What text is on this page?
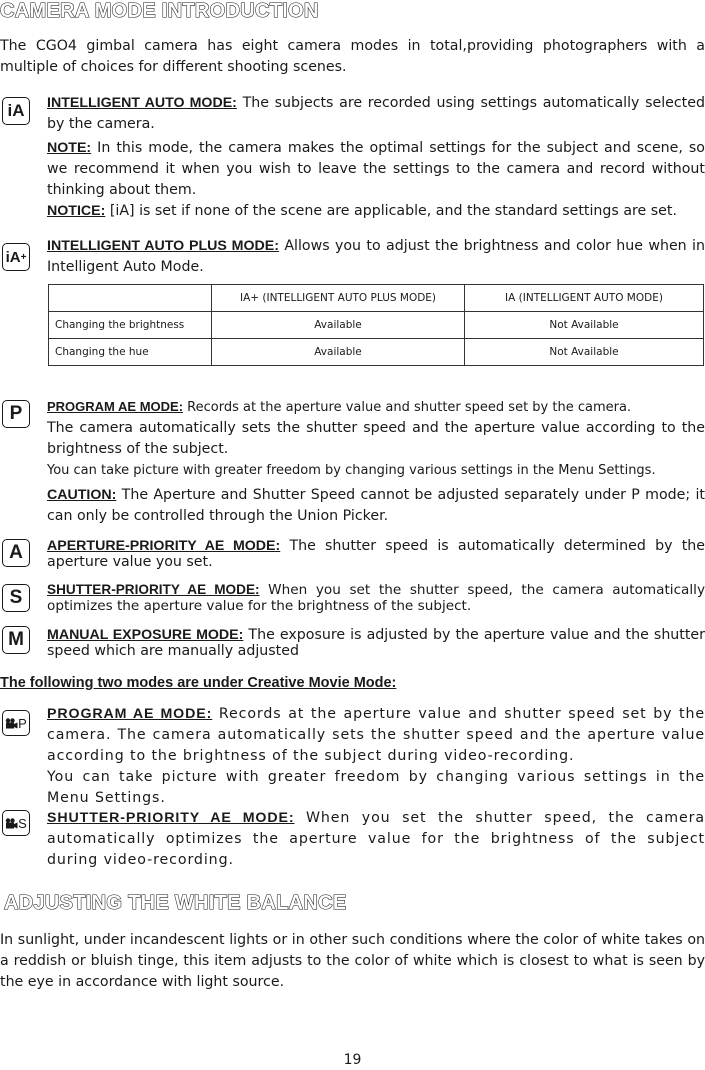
CAMERA MODE INTRODUCTION
The CGO4 gimbal camera has eight camera modes in total,providing photographers with a multiple of choices for different shooting scenes.
iA INTELLIGENT AUTO MODE: The subjects are recorded using settings automatically selected by the camera.
NOTE: In this mode, the camera makes the optimal settings for the subject and scene, so we recommend it when you wish to leave the settings to the camera and record without thinking about them.
NOTICE: [iA] is set if none of the scene are applicable, and the standard settings are set.
iA +
INTELLIGENT AUTO PLUS MODE: Allows you to adjust the brightness and color hue when in Intelligent Auto Mode.
	IA+ (INTELLIGENT AUTO PLUS MODE)	IA (INTELLIGENT AUTO MODE)
Changing the brightness	Available	Not Available
Changing the hue	Available	Not Available
P PROGRAM AE MODE: Records at the aperture value and shutter speed set by the camera.
The camera automatically sets the shutter speed and the aperture value according to the brightness of the subject.
You can take picture with greater freedom by changing various settings in the Menu Settings.
CAUTION: The Aperture and Shutter Speed cannot be adjusted separately under P mode; it can only be controlled through the Union Picker.
A APERTURE-PRIORITY AE MODE: The shutter speed is automatically determined by the aperture value you set.
S SHUTTER-PRIORITY AE MODE: When you set the shutter speed, the camera automatically optimizes the aperture value for the brightness of the subject.
M MANUAL EXPOSURE MODE: The exposure is adjusted by the aperture value and the shutter speed which are manually adjusted
The following two modes are under Creative Movie Mode:
P
PROGRAM AE MODE: Records at the aperture value and shutter speed set by the camera. The camera automatically sets the shutter speed and the aperture value according to the brightness of the subject during video-recording.
You can take picture with greater freedom by changing various settings in the Menu Settings.
S SHUTTER-PRIORITY AE MODE: When you set the shutter speed, the camera automatically optimizes the aperture value for the brightness of the subject during video-recording.
ADJUSTING THE WHITE BALANCE
In sunlight, under incandescent lights or in other such conditions where the color of white takes on a reddish or bluish tinge, this item adjusts to the color of white which is closest to what is seen by the eye in accordance with light source.
19
